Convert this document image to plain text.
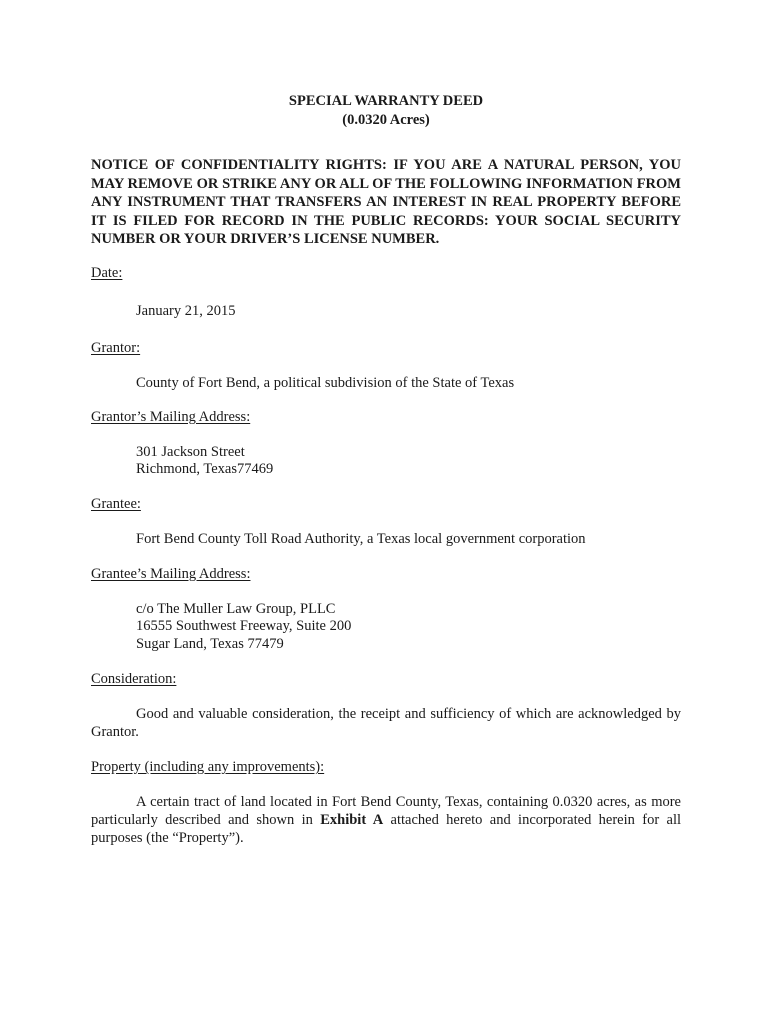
SPECIAL WARRANTY DEED

(0.0320 Acres)

NOTICE OF CONFIDENTIALITY RIGHTS: IF YOU ARE A NATURAL PERSON, YOU MAY REMOVE OR STRIKE ANY OR ALL OF THE FOLLOWING INFORMATION FROM ANY INSTRUMENT THAT TRANSFERS AN INTEREST IN REAL PROPERTY BEFORE IT IS FILED FOR RECORD IN THE PUBLIC RECORDS: YOUR SOCIAL SECURITY NUMBER OR YOUR DRIVER’S LICENSE NUMBER.
Date:
January 21, 2015
Grantor:
County of Fort Bend, a political subdivision of the State of Texas
Grantor’s Mailing Address:
301 Jackson Street
Richmond, Texas77469
Grantee:
Fort Bend County Toll Road Authority, a Texas local government corporation
Grantee’s Mailing Address:
c/o The Muller Law Group, PLLC
16555 Southwest Freeway, Suite 200
Sugar Land, Texas 77479
Consideration:
Good and valuable consideration, the receipt and sufficiency of which are acknowledged by Grantor.
Property (including any improvements):
A certain tract of land located in Fort Bend County, Texas, containing 0.0320 acres, as more particularly described and shown in Exhibit A attached hereto and incorporated herein for all purposes (the “Property”).
